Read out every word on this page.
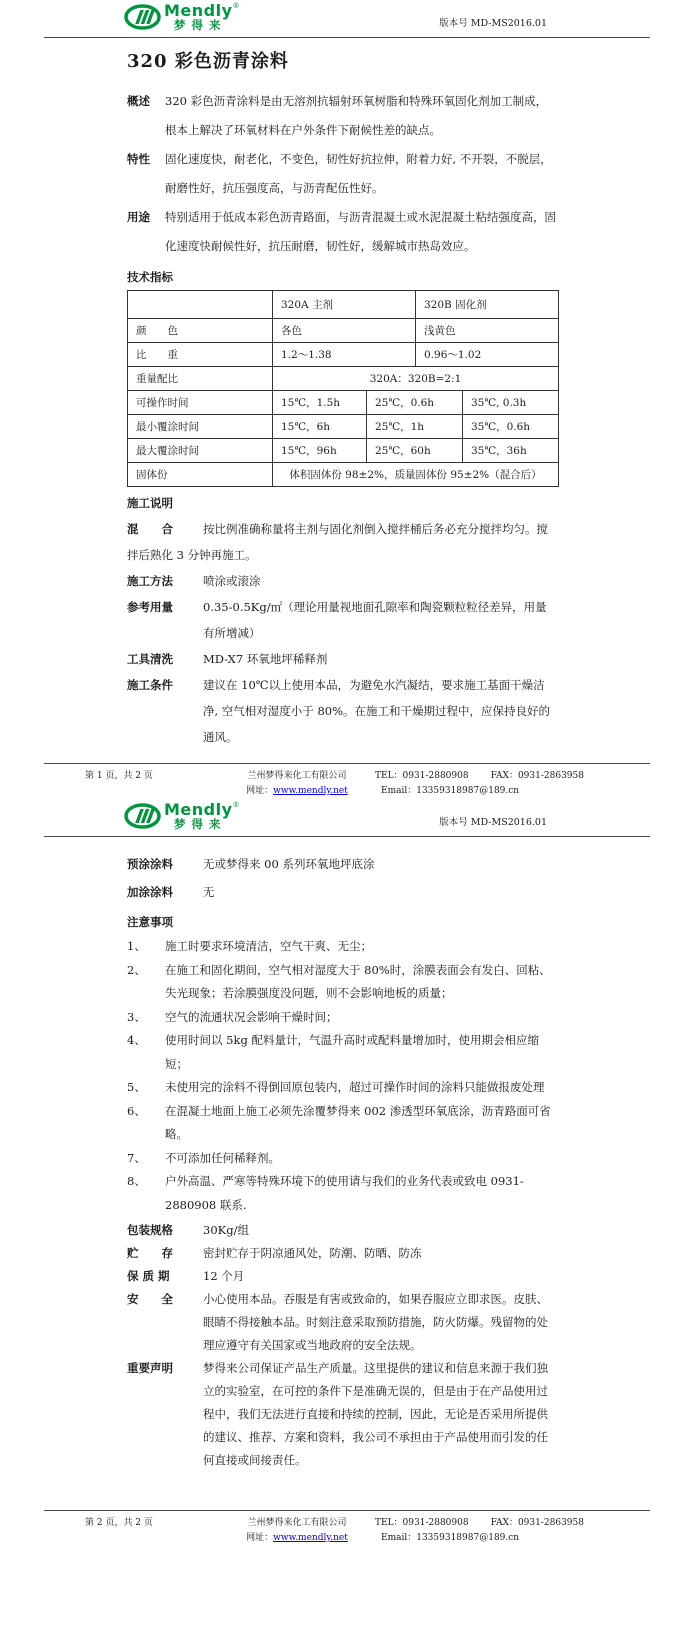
Mendly®
梦得来	版本号 MD-MS2016.01
320 彩色沥青涂料
概述	320 彩色沥青涂料是由无溶剂抗辐射环氧树脂和特殊环氧固化剂加工制成，根本上解决了环氧材料在户外条件下耐候性差的缺点。
特性	固化速度快，耐老化，不变色，韧性好抗拉伸，附着力好, 不开裂，不脱层，耐磨性好，抗压强度高，与沥青配伍性好。
用途	特别适用于低成本彩色沥青路面，与沥青混凝土或水泥混凝土粘结强度高，固化速度快耐候性好，抗压耐磨，韧性好，缓解城市热岛效应。
技术指标
	320A 主剂		320B 固化剂	
颜　　色	各色		浅黄色	
比　　重	1.2～1.38		0.96～1.02	
重量配比	320A：320B=2:1			
可操作时间	15℃，1.5h	25℃，0.6h		35℃, 0.3h
最小覆涂时间	15℃，6h	25℃，1h		35℃，0.6h
最大覆涂时间	15℃，96h	25℃，60h		35℃，36h
固体份	体积固体份 98±2%，质量固体份 95±2%（混合后）			
施工说明
混　　合	按比例准确称量将主剂与固化剂倒入搅拌桶后务必充分搅拌均匀。搅拌后熟化 3 分钟再施工。
施工方法	喷涂或滚涂
参考用量	0.35-0.5Kg/㎡（理论用量视地面孔隙率和陶瓷颗粒粒径差异，用量有所增减）
工具清洗	MD-X7 环氧地坪稀释剂
施工条件	建议在 10℃以上使用本品，为避免水汽凝结，要求施工基面干燥洁净, 空气相对湿度小于 80%。在施工和干燥期过程中，应保持良好的通风。
第 1 页，共 2 页	兰州梦得来化工有限公司
网址：www.mendly.net
TEL：0931-2880908 FAX：0931-2863958
Email：13359318987@189.cn
Mendly®
梦得来	版本号 MD-MS2016.01
预涂涂料	无或梦得来 00 系列环氧地坪底涂
加涂涂料	无
注意事项
1、	施工时要求环境清洁，空气干爽、无尘；
2、	在施工和固化期间，空气相对湿度大于 80%时，涂膜表面会有发白、回粘、失光现象；若涂膜强度没问题，则不会影响地板的质量；
3、	空气的流通状况会影响干燥时间；
4、	使用时间以 5kg 配料量计，气温升高时或配料量增加时，使用期会相应缩短；
5、	未使用完的涂料不得倒回原包装内，超过可操作时间的涂料只能做报废处理
6、	在混凝土地面上施工必须先涂覆梦得来 002 渗透型环氧底涂，沥青路面可省略。
7、	不可添加任何稀释剂。
8、	户外高温、严寒等特殊环境下的使用请与我们的业务代表或致电 0931-2880908 联系.
包装规格	30Kg/组
贮　　存	密封贮存于阴凉通风处，防潮、防晒、防冻
保 质 期	12 个月
安　　全	小心使用本品。吞服是有害或致命的，如果吞服应立即求医。皮肤、眼睛不得接触本品。时刻注意采取预防措施，防火防爆。残留物的处理应遵守有关国家或当地政府的安全法规。
重要声明	梦得来公司保证产品生产质量。这里提供的建议和信息来源于我们独立的实验室，在可控的条件下是准确无误的，但是由于在产品使用过程中，我们无法进行直接和持续的控制，因此，无论是否采用所提供的建议、推荐、方案和资料，我公司不承担由于产品使用而引发的任何直接或间接责任。
第 2 页，共 2 页	兰州梦得来化工有限公司
网址：www.mendly.net
TEL：0931-2880908 FAX：0931-2863958
Email：13359318987@189.cn
